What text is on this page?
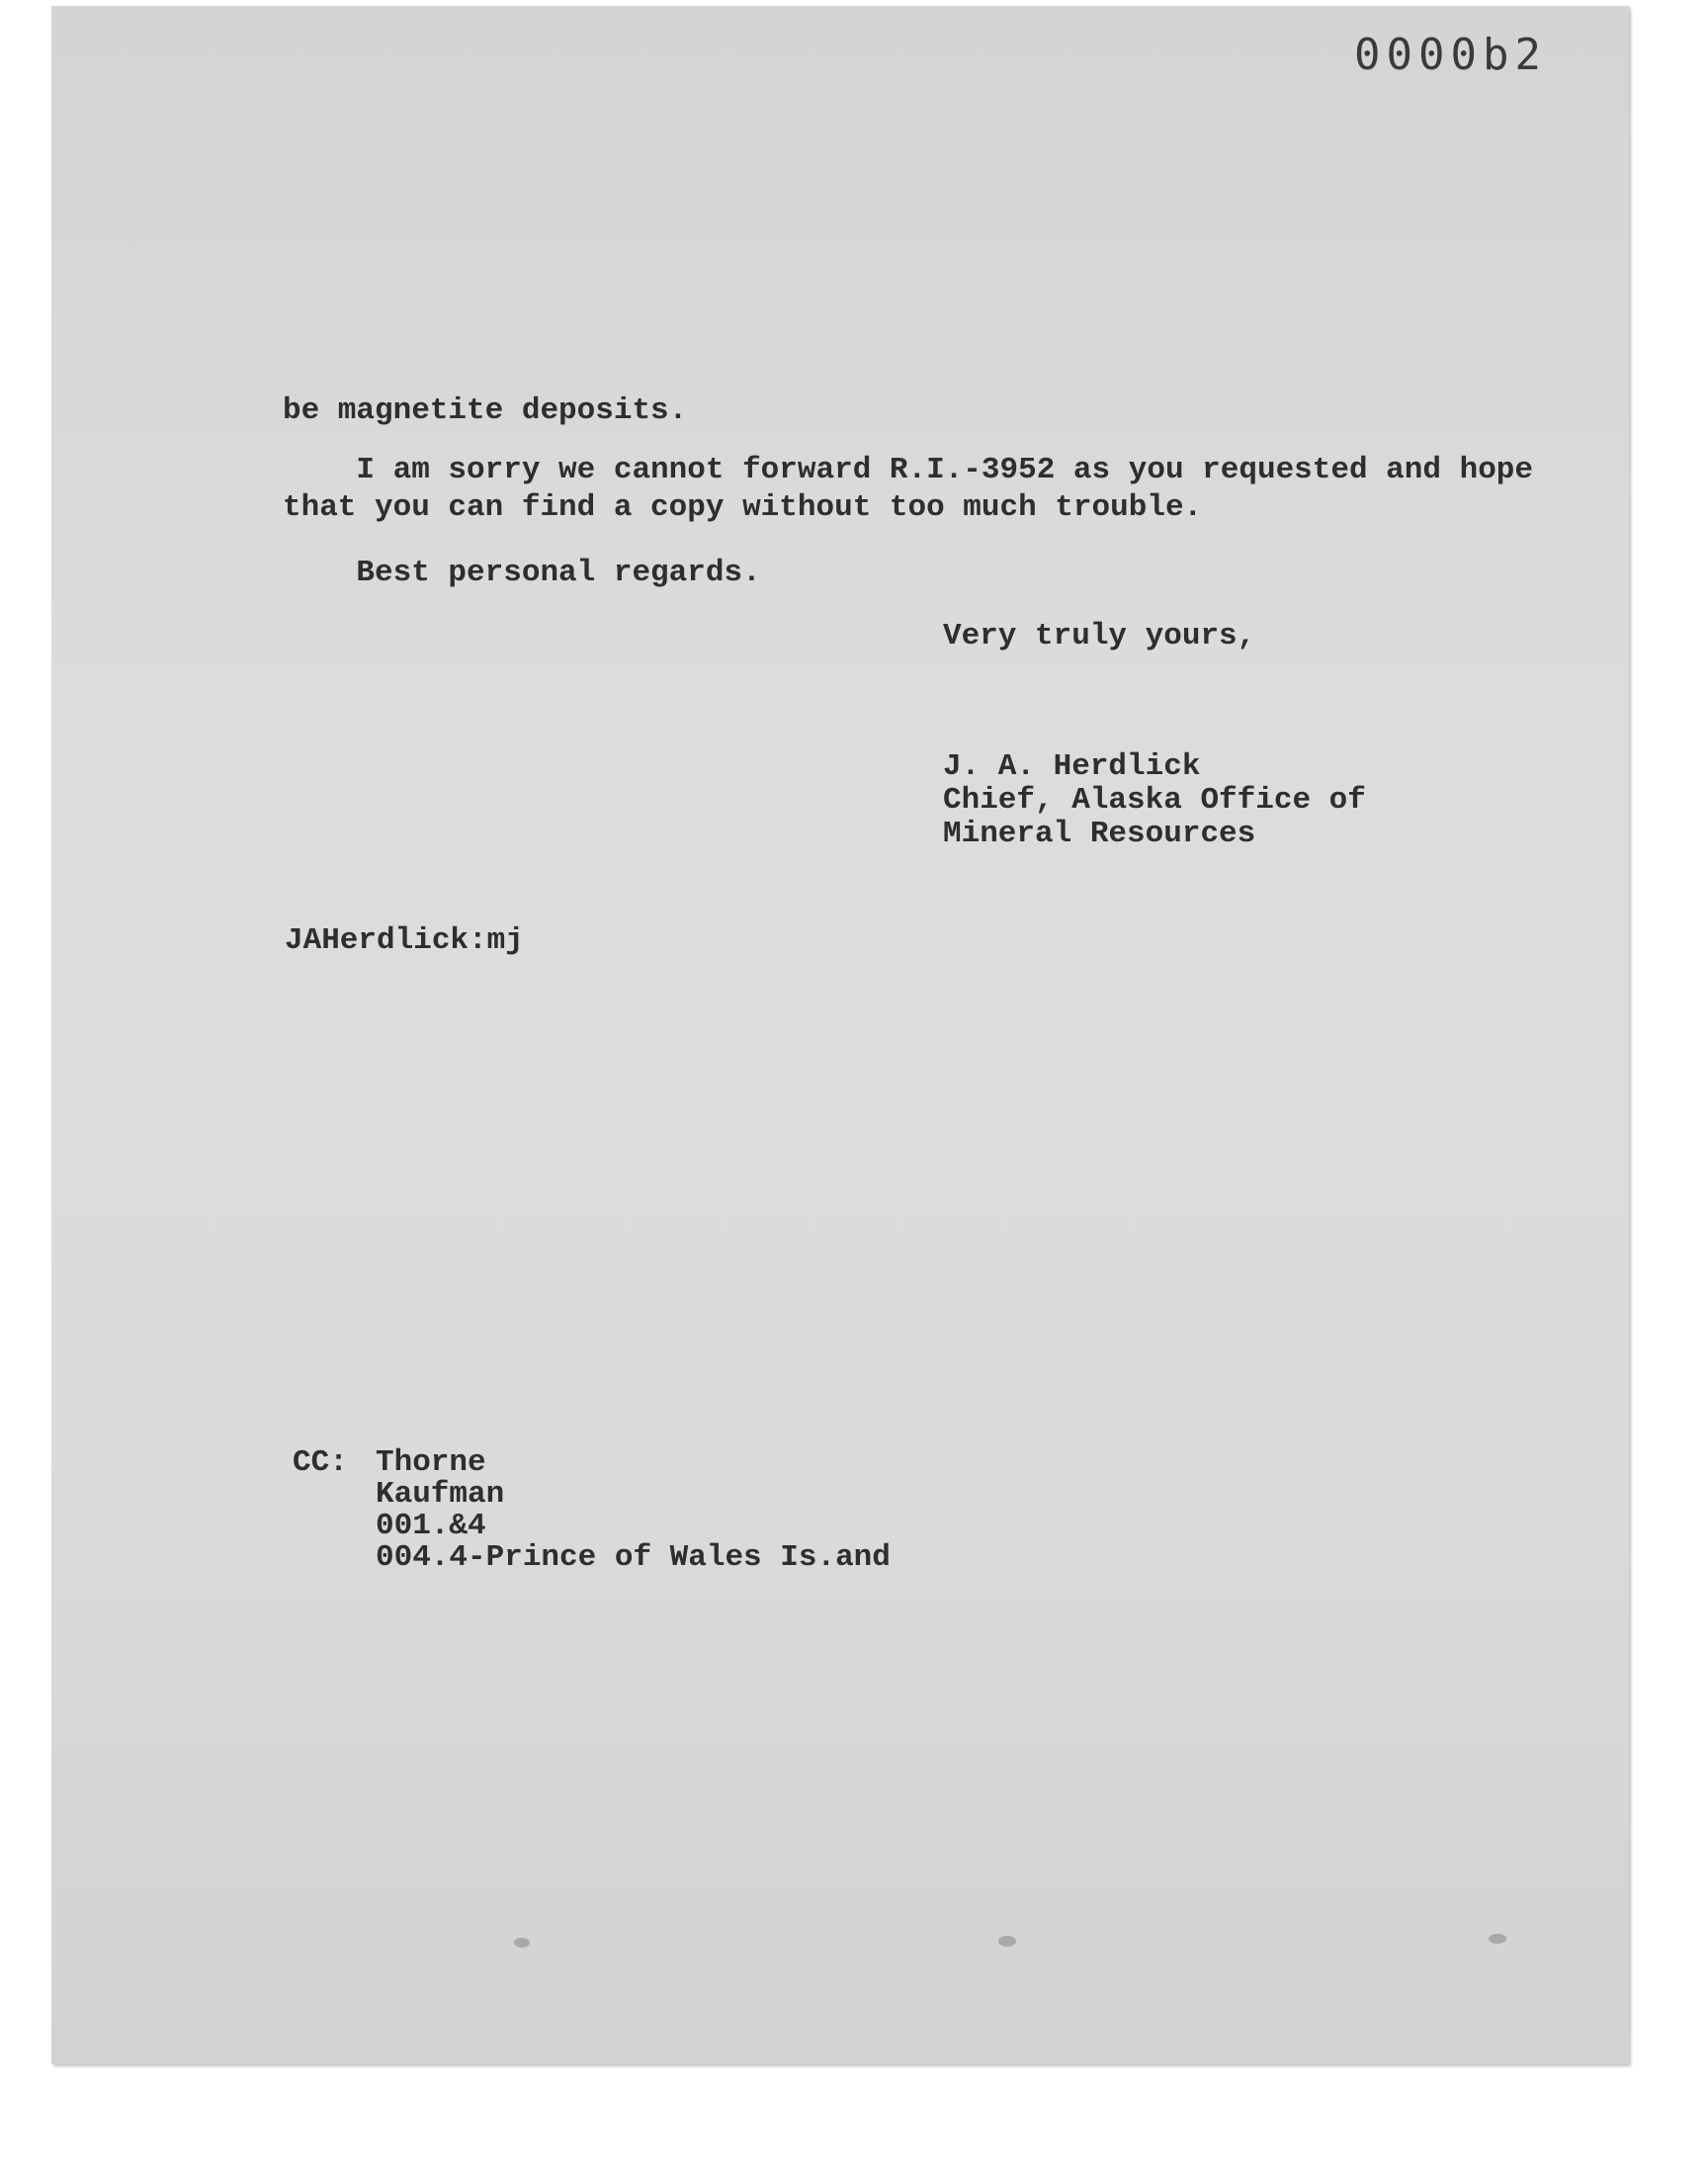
0000b2

be magnetite deposits.

I am sorry we cannot forward R.I.-3952 as you requested and hope

that you can find a copy without too much trouble.

Best personal regards.

Very truly yours,

J. A. Herdlick

Chief, Alaska Office of

Mineral Resources

JAHerdlick:mj

CC: Thorne

Kaufman

001.&4

004.4-Prince of Wales Is.and
